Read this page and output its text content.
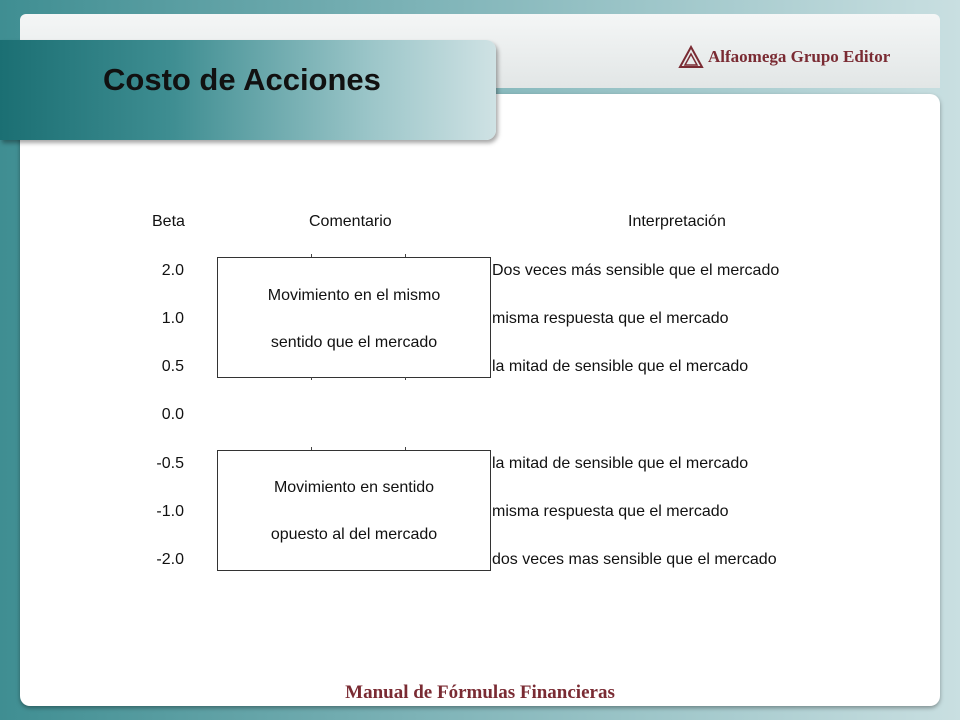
Costo de Acciones
Alfaomega Grupo Editor
Beta	Comentario	Interpretación
2.0
1.0
0.5
0.0
-0.5
-1.0
-2.0
Movimiento en el mismo
sentido que el mercado
Movimiento en sentido
opuesto al del mercado
Dos veces más sensible que el mercado
misma respuesta que el mercado
la mitad de sensible que el mercado
la mitad de sensible que el mercado
misma respuesta que el mercado
dos veces mas sensible que el mercado
Manual de Fórmulas Financieras
